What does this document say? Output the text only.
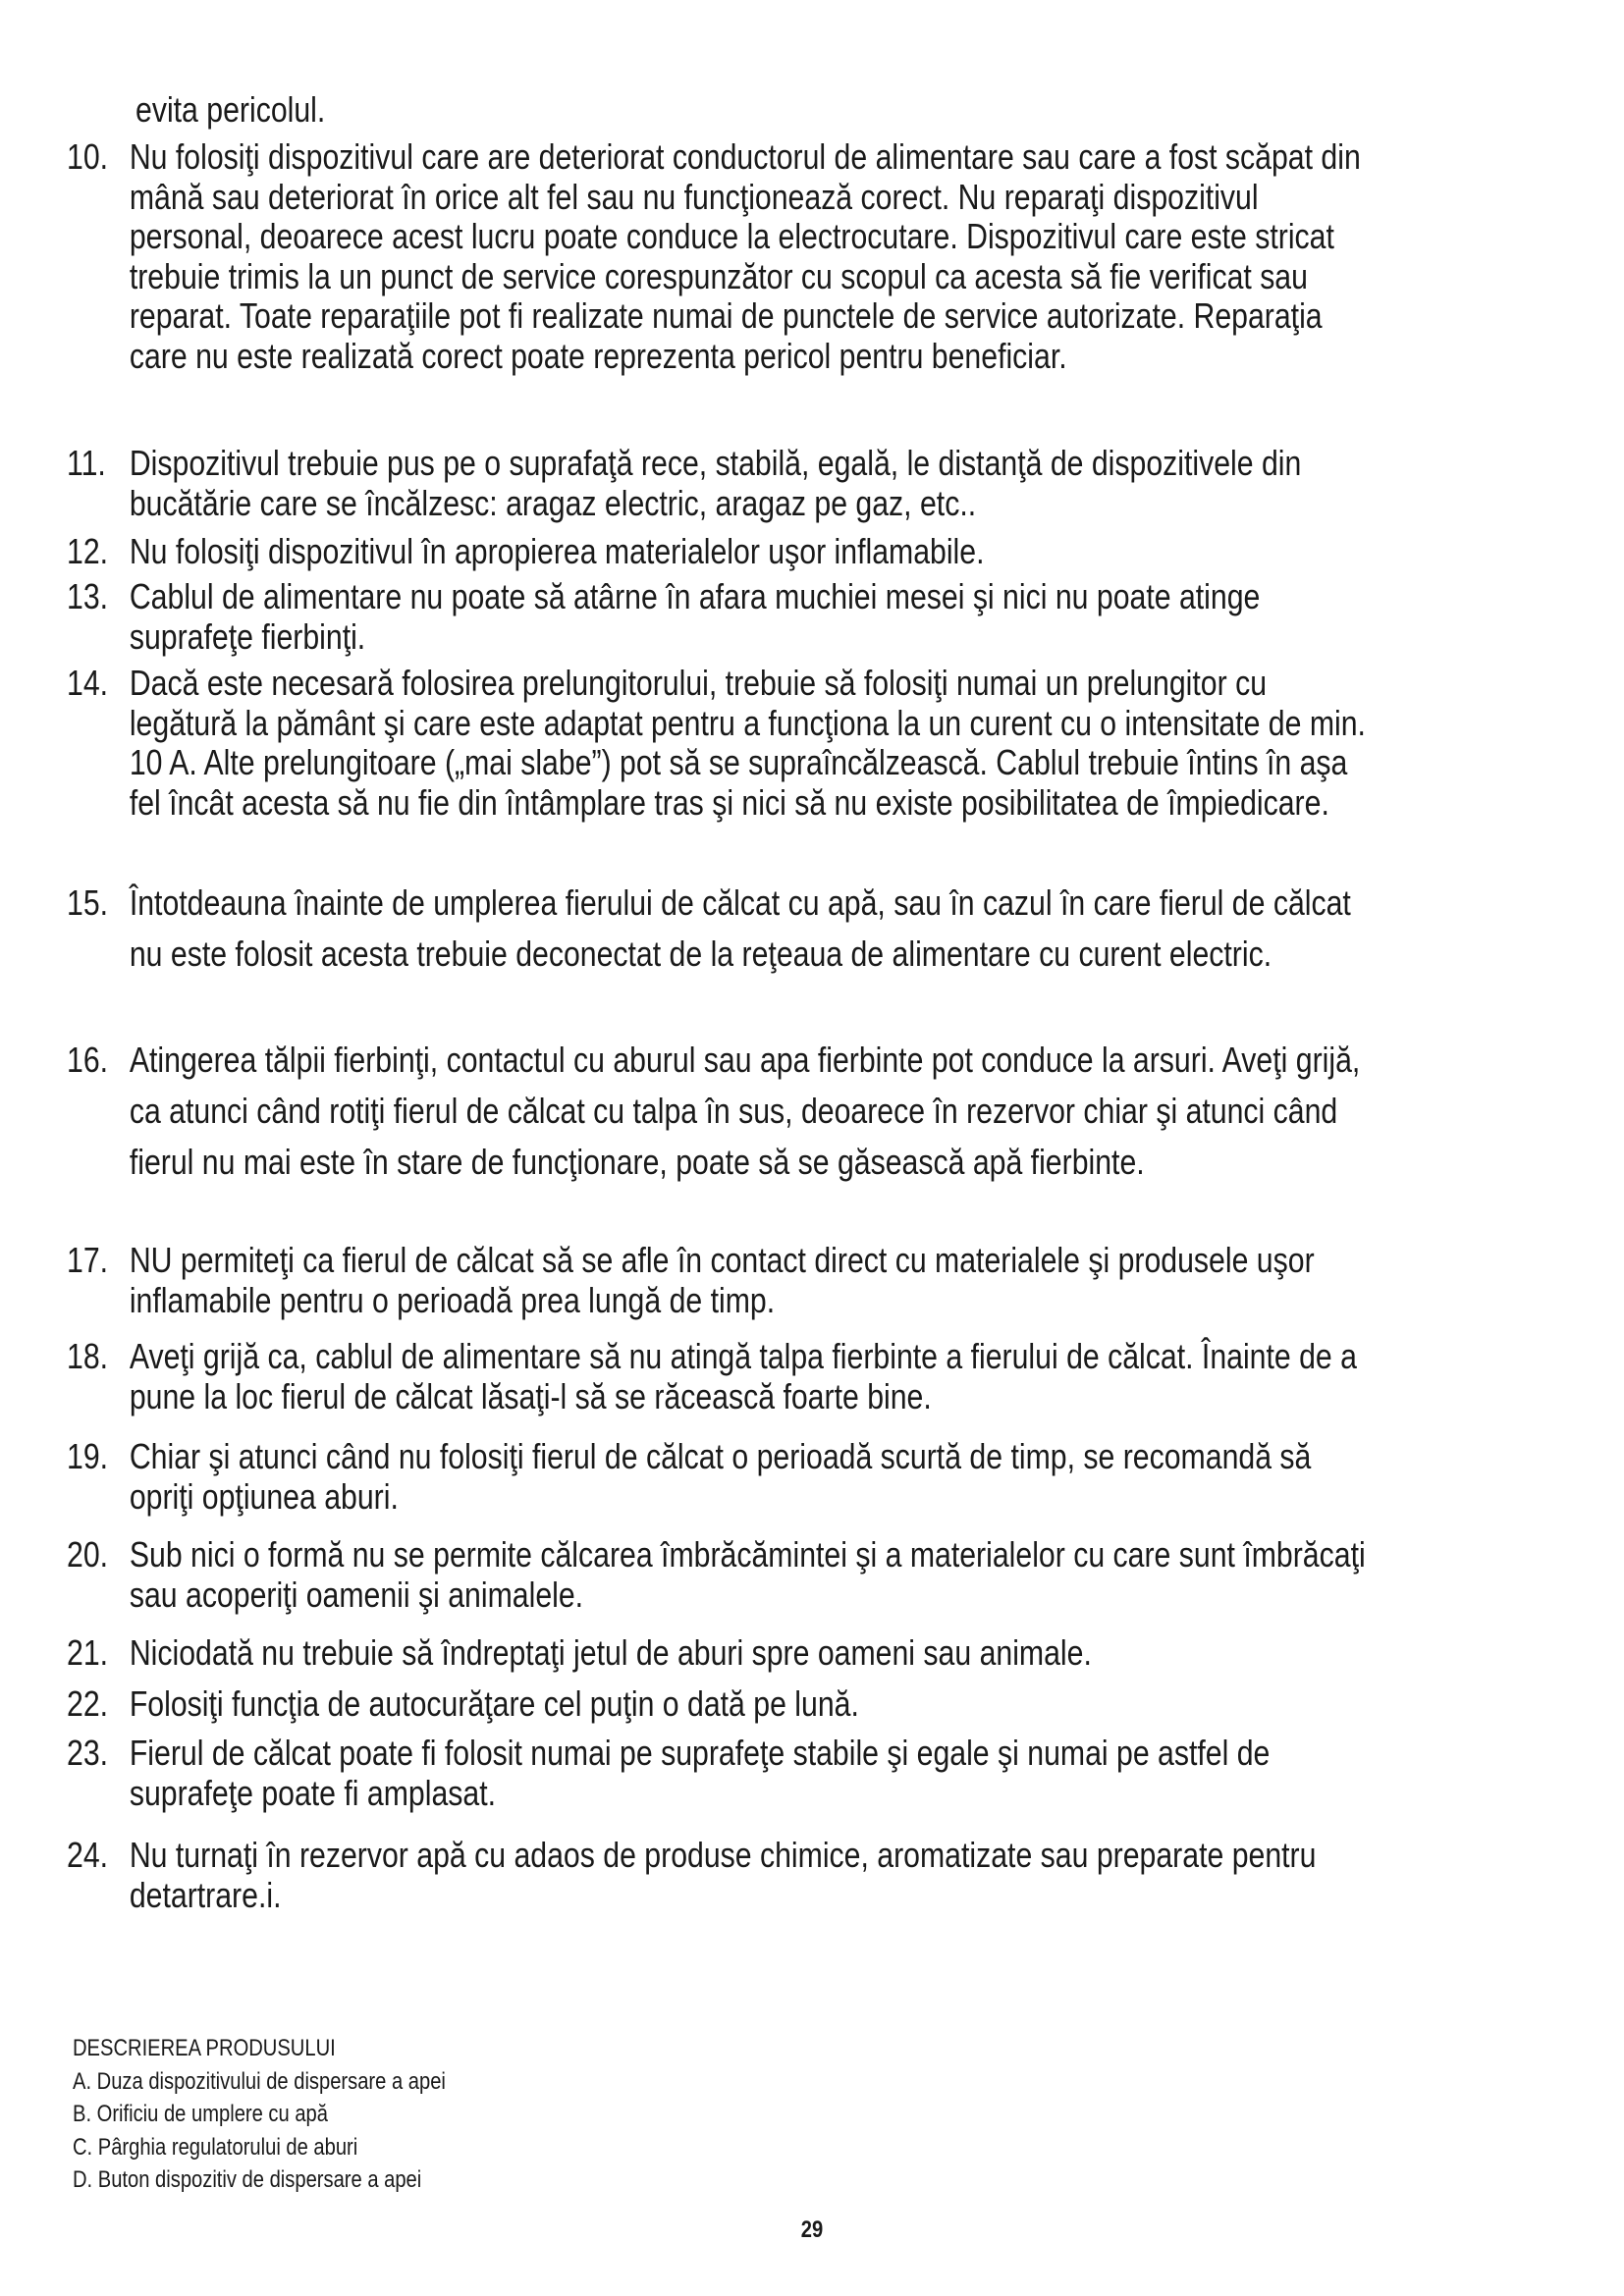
evita pericolul.
10. Nu folosiţi dispozitivul care are deteriorat conductorul de alimentare sau care a fost scăpat din mână sau deteriorat în orice alt fel sau nu funcţionează corect. Nu reparaţi dispozitivul personal, deoarece acest lucru poate conduce la electrocutare. Dispozitivul care este stricat trebuie trimis la un punct de service corespunzător cu scopul ca acesta să fie verificat sau reparat. Toate reparaţiile pot fi realizate numai de punctele de service autorizate. Reparaţia care nu este realizată corect poate reprezenta pericol pentru beneficiar.
11. Dispozitivul trebuie pus pe o suprafaţă rece, stabilă, egală, le distanţă de dispozitivele din bucătărie care se încălzesc: aragaz electric, aragaz pe gaz, etc..
12. Nu folosiţi dispozitivul în apropierea materialelor uşor inflamabile.
13. Cablul de alimentare nu poate să atârne în afara muchiei mesei şi nici nu poate atinge suprafeţe fierbinţi.
14. Dacă este necesară folosirea prelungitorului, trebuie să folosiţi numai un prelungitor cu legătură la pământ şi care este adaptat pentru a funcţiona la un curent cu o intensitate de min. 10 A. Alte prelungitoare („mai slabe”) pot să se supraîncălzească. Cablul trebuie întins în aşa fel încât acesta să nu fie din întâmplare tras şi nici să nu existe posibilitatea de împiedicare.
15. Întotdeauna înainte de umplerea fierului de călcat cu apă, sau în cazul în care fierul de călcat nu este folosit acesta trebuie deconectat de la reţeaua de alimentare cu curent electric.
16. Atingerea tălpii fierbinţi, contactul cu aburul sau apa fierbinte pot conduce la arsuri. Aveţi grijă, ca atunci când rotiţi fierul de călcat cu talpa în sus, deoarece în rezervor chiar şi atunci când fierul nu mai este în stare de funcţionare, poate să se găsească apă fierbinte.
17. NU permiteţi ca fierul de călcat să se afle în contact direct cu materialele şi produsele uşor inflamabile pentru o perioadă prea lungă de timp.
18. Aveţi grijă ca, cablul de alimentare să nu atingă talpa fierbinte a fierului de călcat. Înainte de a pune la loc fierul de călcat lăsaţi-l să se răcească foarte bine.
19. Chiar şi atunci când nu folosiţi fierul de călcat o perioadă scurtă de timp, se recomandă să opriţi opţiunea aburi.
20. Sub nici o formă nu se permite călcarea îmbrăcămintei şi a materialelor cu care sunt îmbrăcaţi sau acoperiţi oamenii şi animalele.
21. Niciodată nu trebuie să îndreptaţi jetul de aburi spre oameni sau animale.
22. Folosiţi funcţia de autocurăţare cel puţin o dată pe lună.
23. Fierul de călcat poate fi folosit numai pe suprafeţe stabile şi egale şi numai pe astfel de suprafeţe poate fi amplasat.
24. Nu turnaţi în rezervor apă cu adaos de produse chimice, aromatizate sau preparate pentru detartrare.i.
DESCRIEREA PRODUSULUI
A. Duza dispozitivului de dispersare a apei
B. Orificiu de umplere cu apă
C. Pârghia regulatorului de aburi
D. Buton dispozitiv de dispersare a apei
29
